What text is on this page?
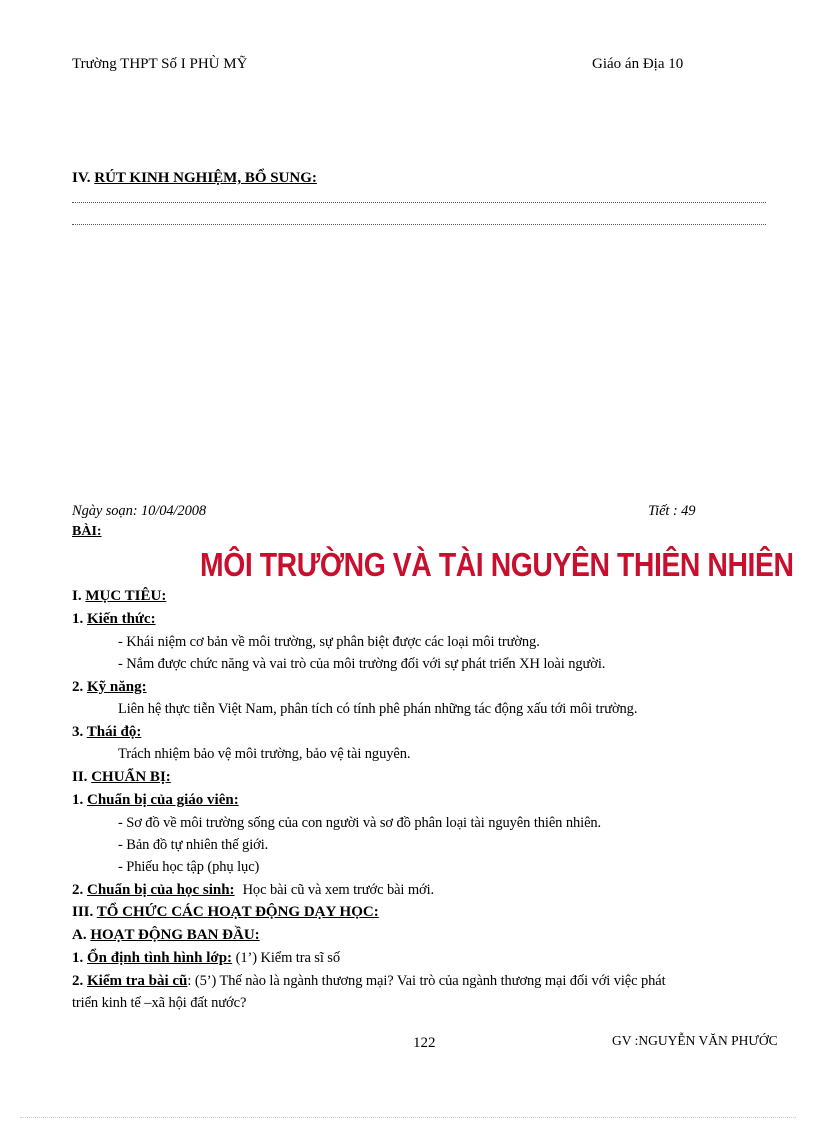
Trường THPT Số I PHÙ MỸ	Giáo án Địa 10
IV. RÚT KINH NGHIỆM, BỔ SUNG:
Ngày soạn: 10/04/2008	Tiết : 49
BÀI:
MÔI TRƯỜNG VÀ TÀI NGUYÊN THIÊN NHIÊN
I. MỤC TIÊU:
1. Kiến thức:
- Khái niệm cơ bản về môi trường, sự phân biệt được các loại môi trường.
- Nắm được chức năng và vai trò của môi trường đối với sự phát triển XH loài người.
2. Kỹ năng:
Liên hệ thực tiễn Việt Nam, phân tích có tính phê phán những tác động xấu tới môi trường.
3. Thái độ:
Trách nhiệm bảo vệ môi trường, bảo vệ tài nguyên.
II. CHUẨN BỊ:
1. Chuẩn bị của giáo viên:
- Sơ đồ về môi trường sống của con người và sơ đồ phân loại tài nguyên thiên nhiên.
- Bản đồ tự nhiên thế giới.
- Phiếu học tập (phụ lục)
2. Chuẩn bị của học sinh: Học bài cũ và xem trước bài mới.
III. TỔ CHỨC CÁC HOẠT ĐỘNG DẠY HỌC:
A. HOẠT ĐỘNG BAN ĐẦU:
1. Ổn định tình hình lớp: (1’) Kiểm tra sĩ số
2. Kiểm tra bài cũ: (5’) Thế nào là ngành thương mại? Vai trò của ngành thương mại đối với việc phát
triển kinh tế –xã hội đất nước?
122	GV :NGUYỄN VĂN PHƯỚC
